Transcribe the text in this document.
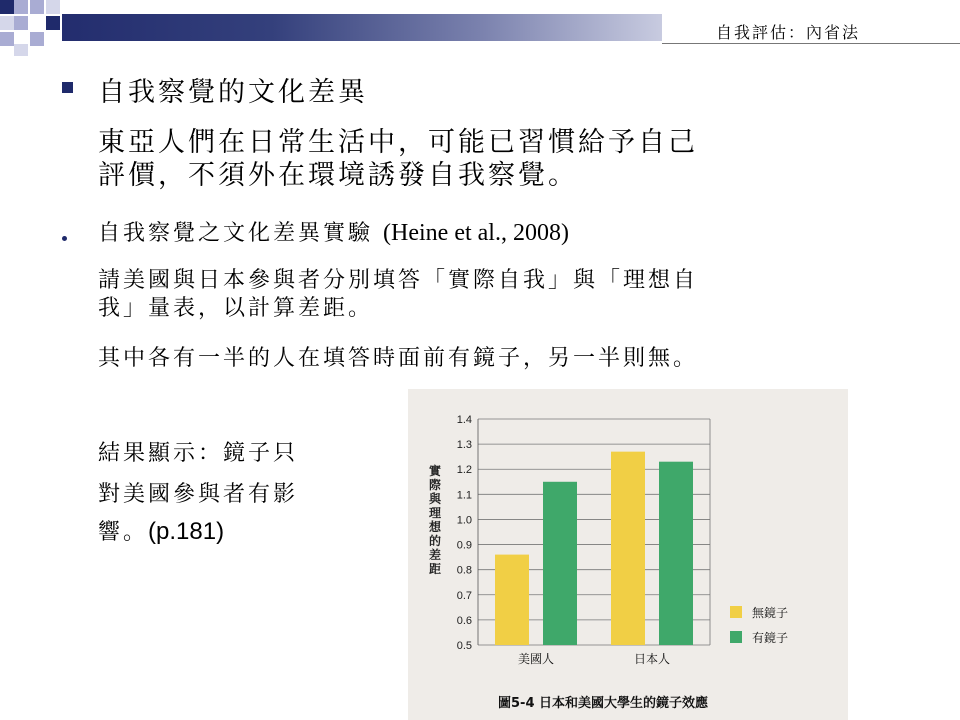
自我評估：內省法
自我察覺的文化差異
東亞人們在日常生活中，可能已習慣給予自己
評價，不須外在環境誘發自我察覺。
自我察覺之文化差異實驗 (Heine et al., 2008)
請美國與日本參與者分別填答「實際自我」與「理想自
我」量表，以計算差距。
其中各有一半的人在填答時面前有鏡子，另一半則無。
結果顯示：鏡子只
對美國參與者有影
響。(p.181)
0.5
0.6
0.7
0.8
0.9
1.0
1.1
1.2
1.3
1.4
美國人	日本人
實
際
與
理
想
的
差
距
無鏡子
有鏡子
圖5-4 日本和美國大學生的鏡子效應
